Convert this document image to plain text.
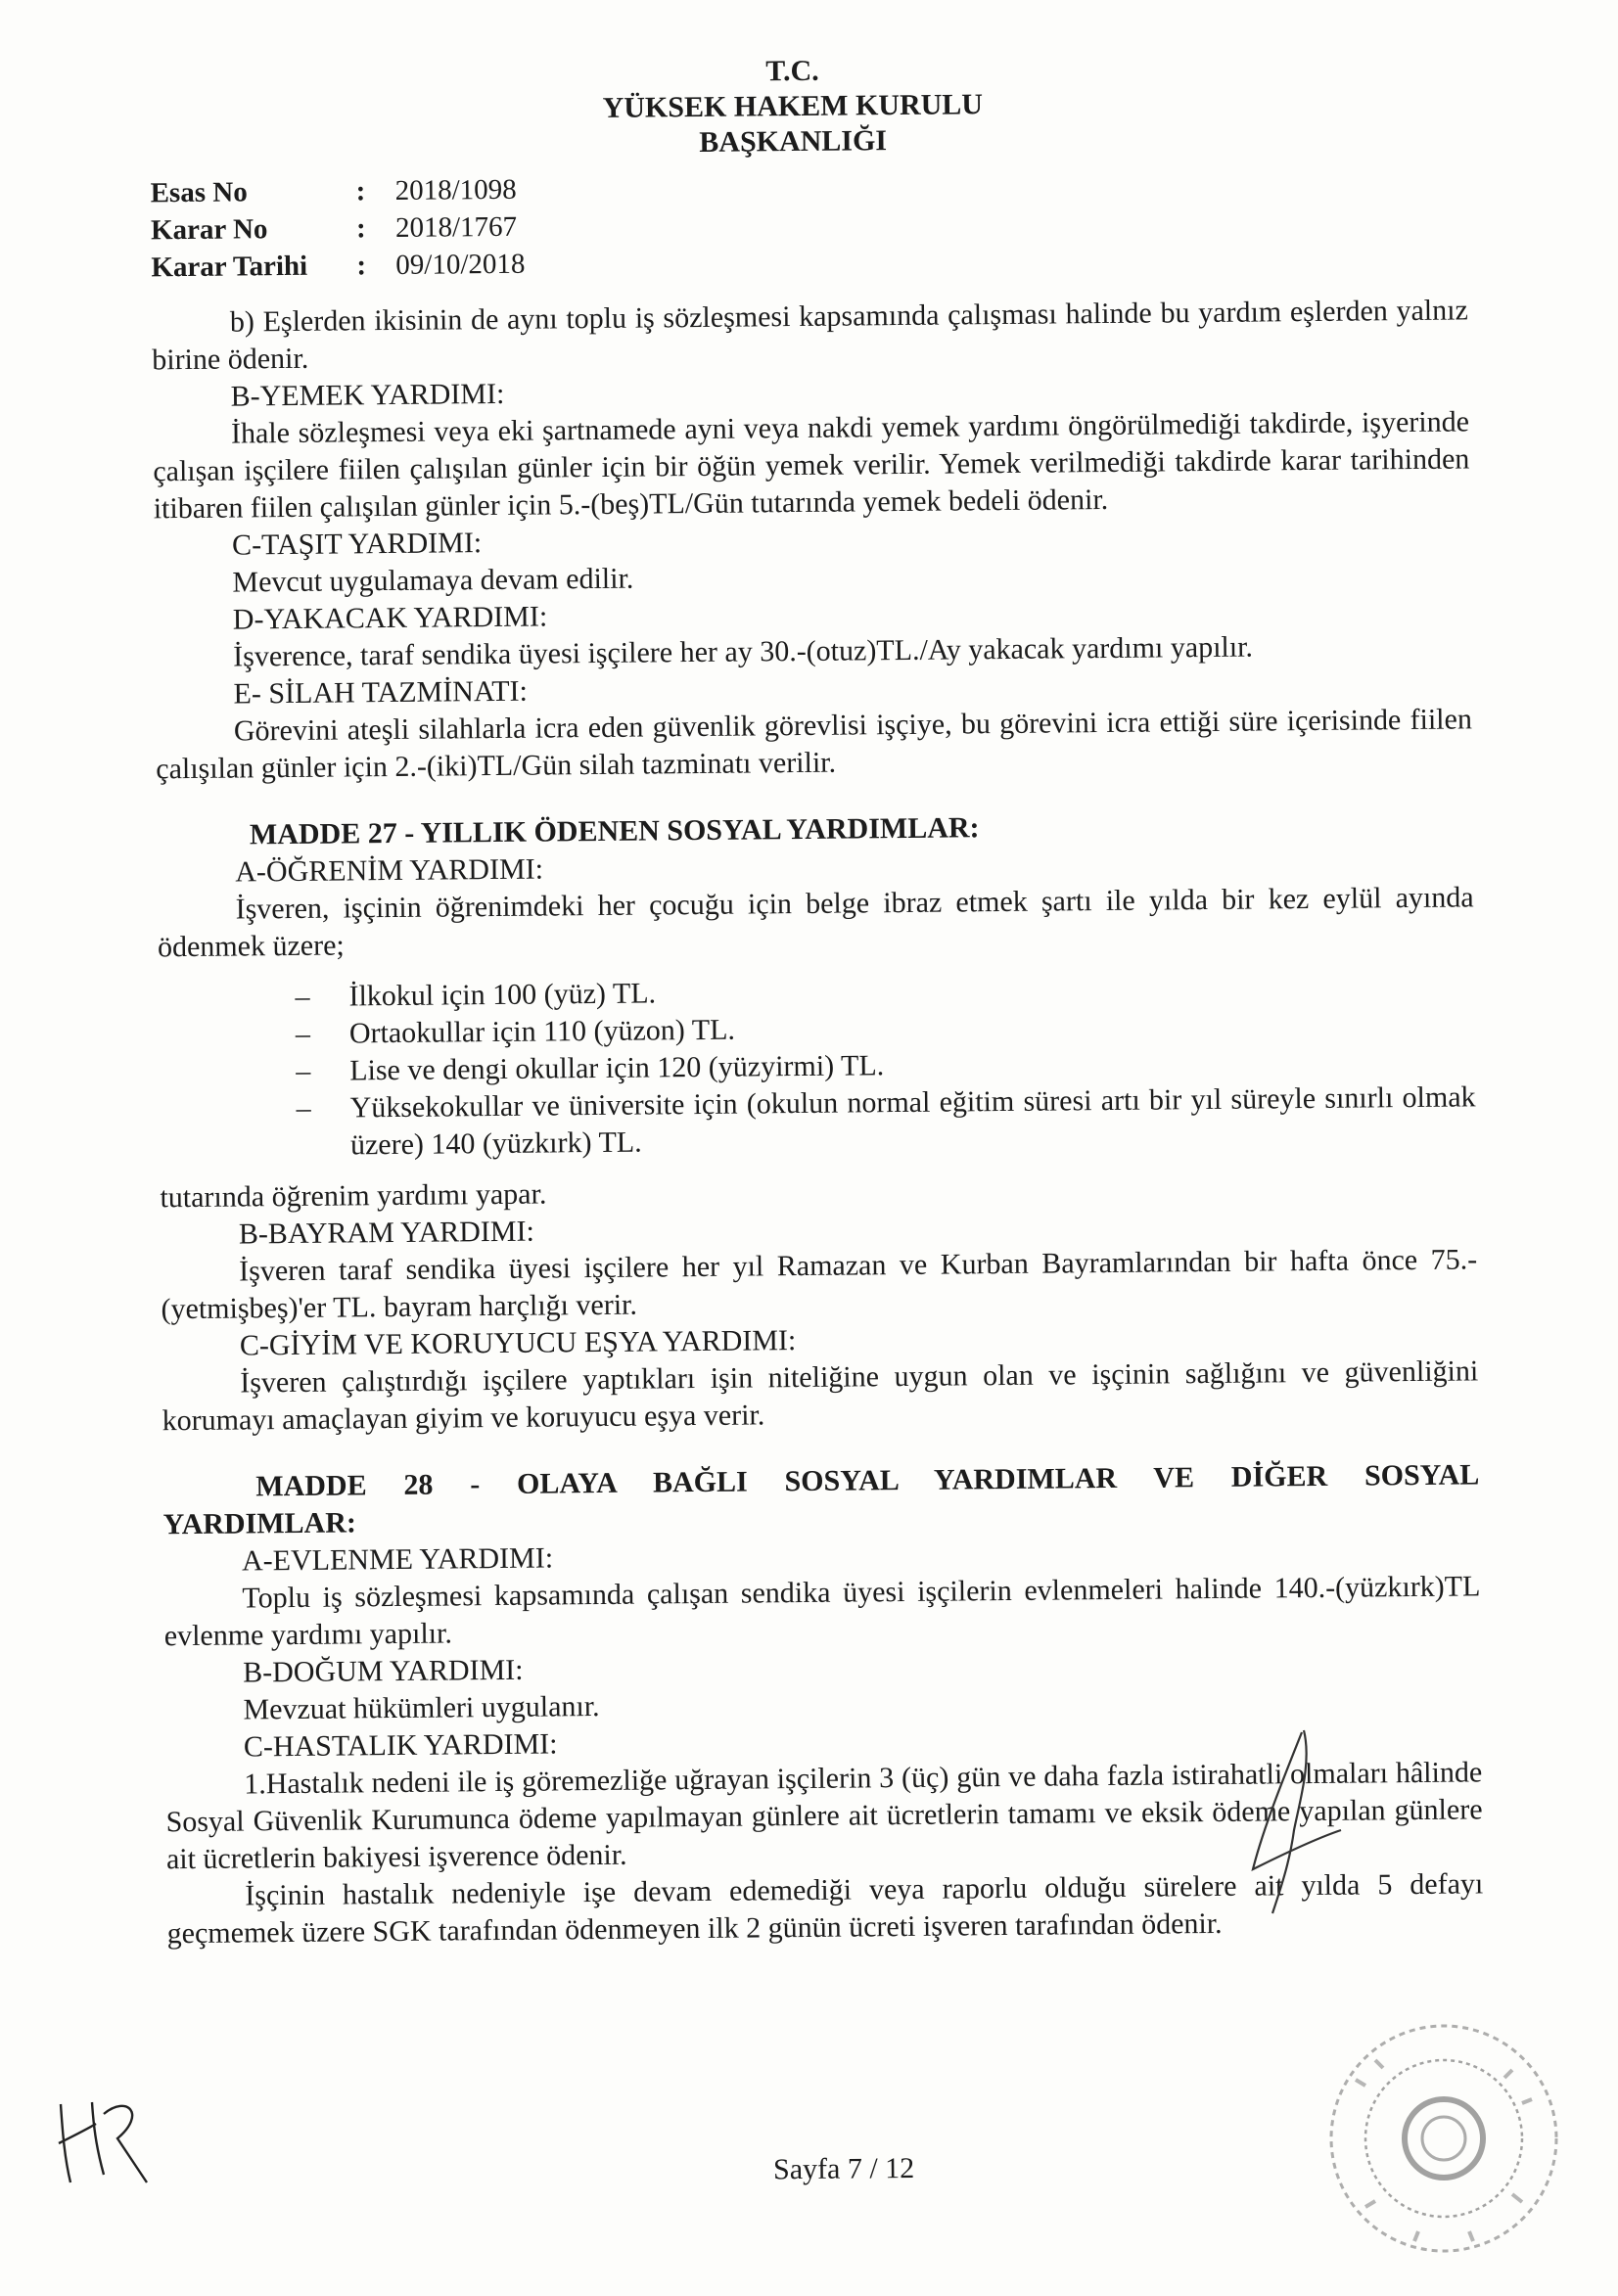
T.C.
YÜKSEK HAKEM KURULU
BAŞKANLIĞI
Esas No	:	2018/1098
Karar No	:	2018/1767
Karar Tarihi	:	09/10/2018

b) Eşlerden ikisinin de aynı toplu iş sözleşmesi kapsamında çalışması halinde bu yardım eşlerden yalnız birine ödenir.

B-YEMEK YARDIMI:

İhale sözleşmesi veya eki şartnamede ayni veya nakdi yemek yardımı öngörülmediği takdirde, işyerinde çalışan işçilere fiilen çalışılan günler için bir öğün yemek verilir. Yemek verilmediği takdirde karar tarihinden itibaren fiilen çalışılan günler için 5.-(beş)TL/Gün tutarında yemek bedeli ödenir.

C-TAŞIT YARDIMI:

Mevcut uygulamaya devam edilir.

D-YAKACAK YARDIMI:

İşverence, taraf sendika üyesi işçilere her ay 30.-(otuz)TL./Ay yakacak yardımı yapılır.

E- SİLAH TAZMİNATI:

Görevini ateşli silahlarla icra eden güvenlik görevlisi işçiye, bu görevini icra ettiği süre içerisinde fiilen çalışılan günler için 2.-(iki)TL/Gün silah tazminatı verilir.

MADDE 27 - YILLIK ÖDENEN SOSYAL YARDIMLAR:

A-ÖĞRENİM YARDIMI:

İşveren, işçinin öğrenimdeki her çocuğu için belge ibraz etmek şartı ile yılda bir kez eylül ayında ödenmek üzere;

– İlkokul için 100 (yüz) TL.
– Ortaokullar için 110 (yüzon) TL.
– Lise ve dengi okullar için 120 (yüzyirmi) TL.
– Yüksekokullar ve üniversite için (okulun normal eğitim süresi artı bir yıl süreyle sınırlı olmak üzere) 140 (yüzkırk) TL.

tutarında öğrenim yardımı yapar.

B-BAYRAM YARDIMI:

İşveren taraf sendika üyesi işçilere her yıl Ramazan ve Kurban Bayramlarından bir hafta önce 75.-(yetmişbeş)'er TL. bayram harçlığı verir.

C-GİYİM VE KORUYUCU EŞYA YARDIMI:

İşveren çalıştırdığı işçilere yaptıkları işin niteliğine uygun olan ve işçinin sağlığını ve güvenliğini korumayı amaçlayan giyim ve koruyucu eşya verir.

MADDE 28 - OLAYA BAĞLI SOSYAL YARDIMLAR VE DİĞER SOSYAL YARDIMLAR:

A-EVLENME YARDIMI:

Toplu iş sözleşmesi kapsamında çalışan sendika üyesi işçilerin evlenmeleri halinde 140.-(yüzkırk)TL evlenme yardımı yapılır.

B-DOĞUM YARDIMI:

Mevzuat hükümleri uygulanır.

C-HASTALIK YARDIMI:

1.Hastalık nedeni ile iş göremezliğe uğrayan işçilerin 3 (üç) gün ve daha fazla istirahatli olmaları hâlinde Sosyal Güvenlik Kurumunca ödeme yapılmayan günlere ait ücretlerin tamamı ve eksik ödeme yapılan günlere ait ücretlerin bakiyesi işverence ödenir.

İşçinin hastalık nedeniyle işe devam edemediği veya raporlu olduğu sürelere ait yılda 5 defayı geçmemek üzere SGK tarafından ödenmeyen ilk 2 günün ücreti işveren tarafından ödenir.

Sayfa 7 / 12
